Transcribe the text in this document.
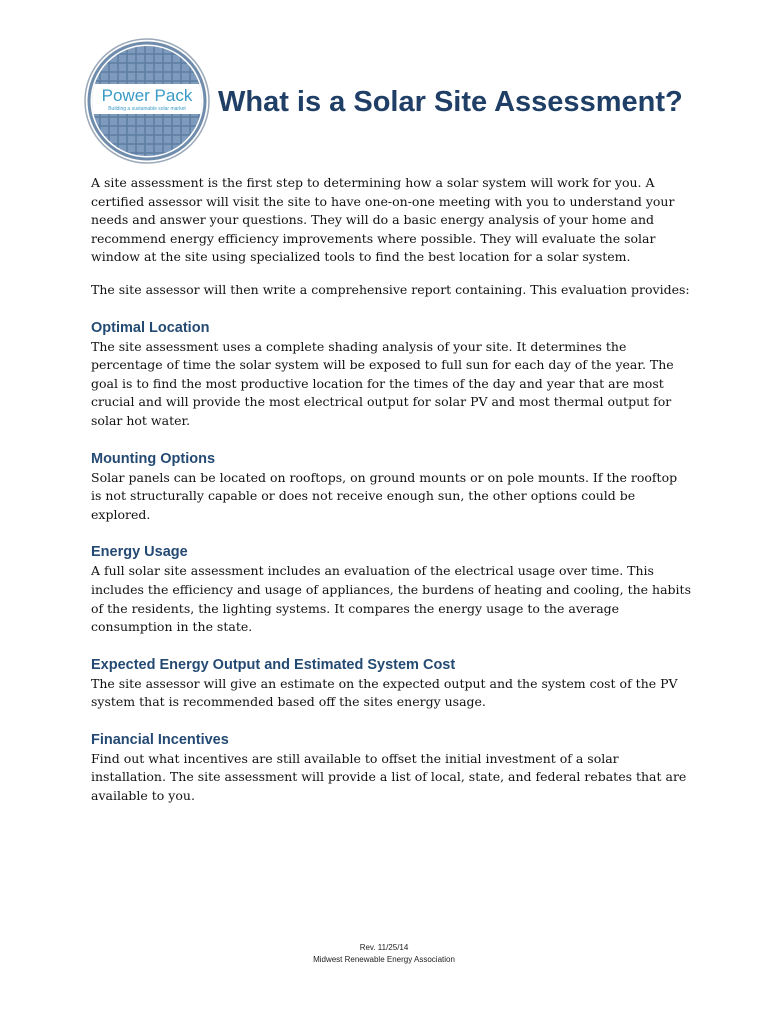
Power Pack
Building a sustainable solar market What is a Solar Site Assessment?

A site assessment is the first step to determining how a solar system will work for you. A certified assessor will visit the site to have one-on-one meeting with you to understand your needs and answer your questions. They will do a basic energy analysis of your home and recommend energy efficiency improvements where possible. They will evaluate the solar window at the site using specialized tools to find the best location for a solar system.

The site assessor will then write a comprehensive report containing. This evaluation provides:

Optimal Location

The site assessment uses a complete shading analysis of your site. It determines the percentage of time the solar system will be exposed to full sun for each day of the year. The goal is to find the most productive location for the times of the day and year that are most crucial and will provide the most electrical output for solar PV and most thermal output for solar hot water.

Mounting Options

Solar panels can be located on rooftops, on ground mounts or on pole mounts. If the rooftop is not structurally capable or does not receive enough sun, the other options could be explored.

Energy Usage

A full solar site assessment includes an evaluation of the electrical usage over time. This includes the efficiency and usage of appliances, the burdens of heating and cooling, the habits of the residents, the lighting systems. It compares the energy usage to the average consumption in the state.

Expected Energy Output and Estimated System Cost

The site assessor will give an estimate on the expected output and the system cost of the PV system that is recommended based off the sites energy usage.

Financial Incentives

Find out what incentives are still available to offset the initial investment of a solar installation. The site assessment will provide a list of local, state, and federal rebates that are available to you.

Rev. 11/25/14
Midwest Renewable Energy Association
